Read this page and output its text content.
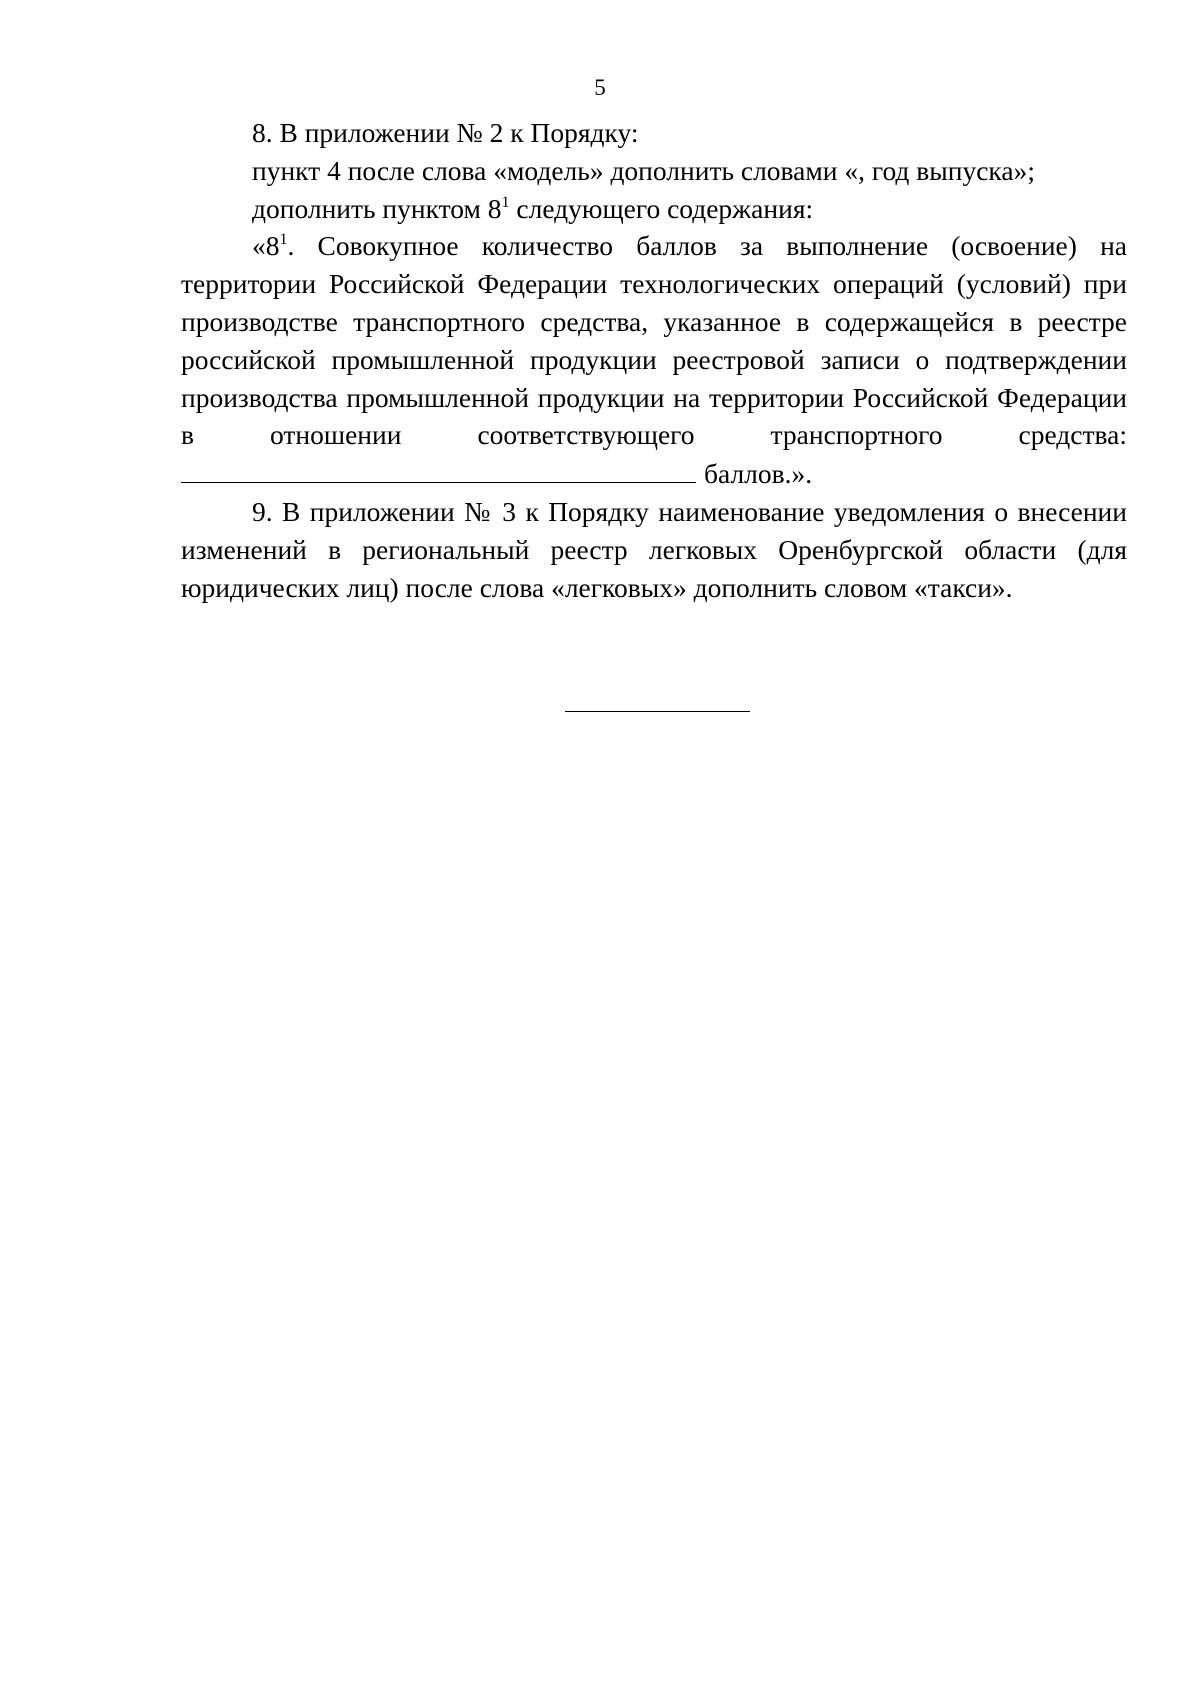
5

8. В приложении № 2 к Порядку:

пункт 4 после слова «модель» дополнить словами «, год выпуска»;

дополнить пунктом $8^1$ следующего содержания:

«$8^1$. Совокупное количество баллов за выполнение (освоение) на территории Российской Федерации технологических операций (условий) при производстве транспортного средства, указанное в содержащейся в реестре российской промышленной продукции реестровой записи о подтверждении производства промышленной продукции на территории Российской Федерации в отношении соответствующего транспортного средства:

баллов.».

9. В приложении № 3 к Порядку наименование уведомления о внесении изменений в региональный реестр легковых Оренбургской области (для юридических лиц) после слова «легковых» дополнить словом «такси».
